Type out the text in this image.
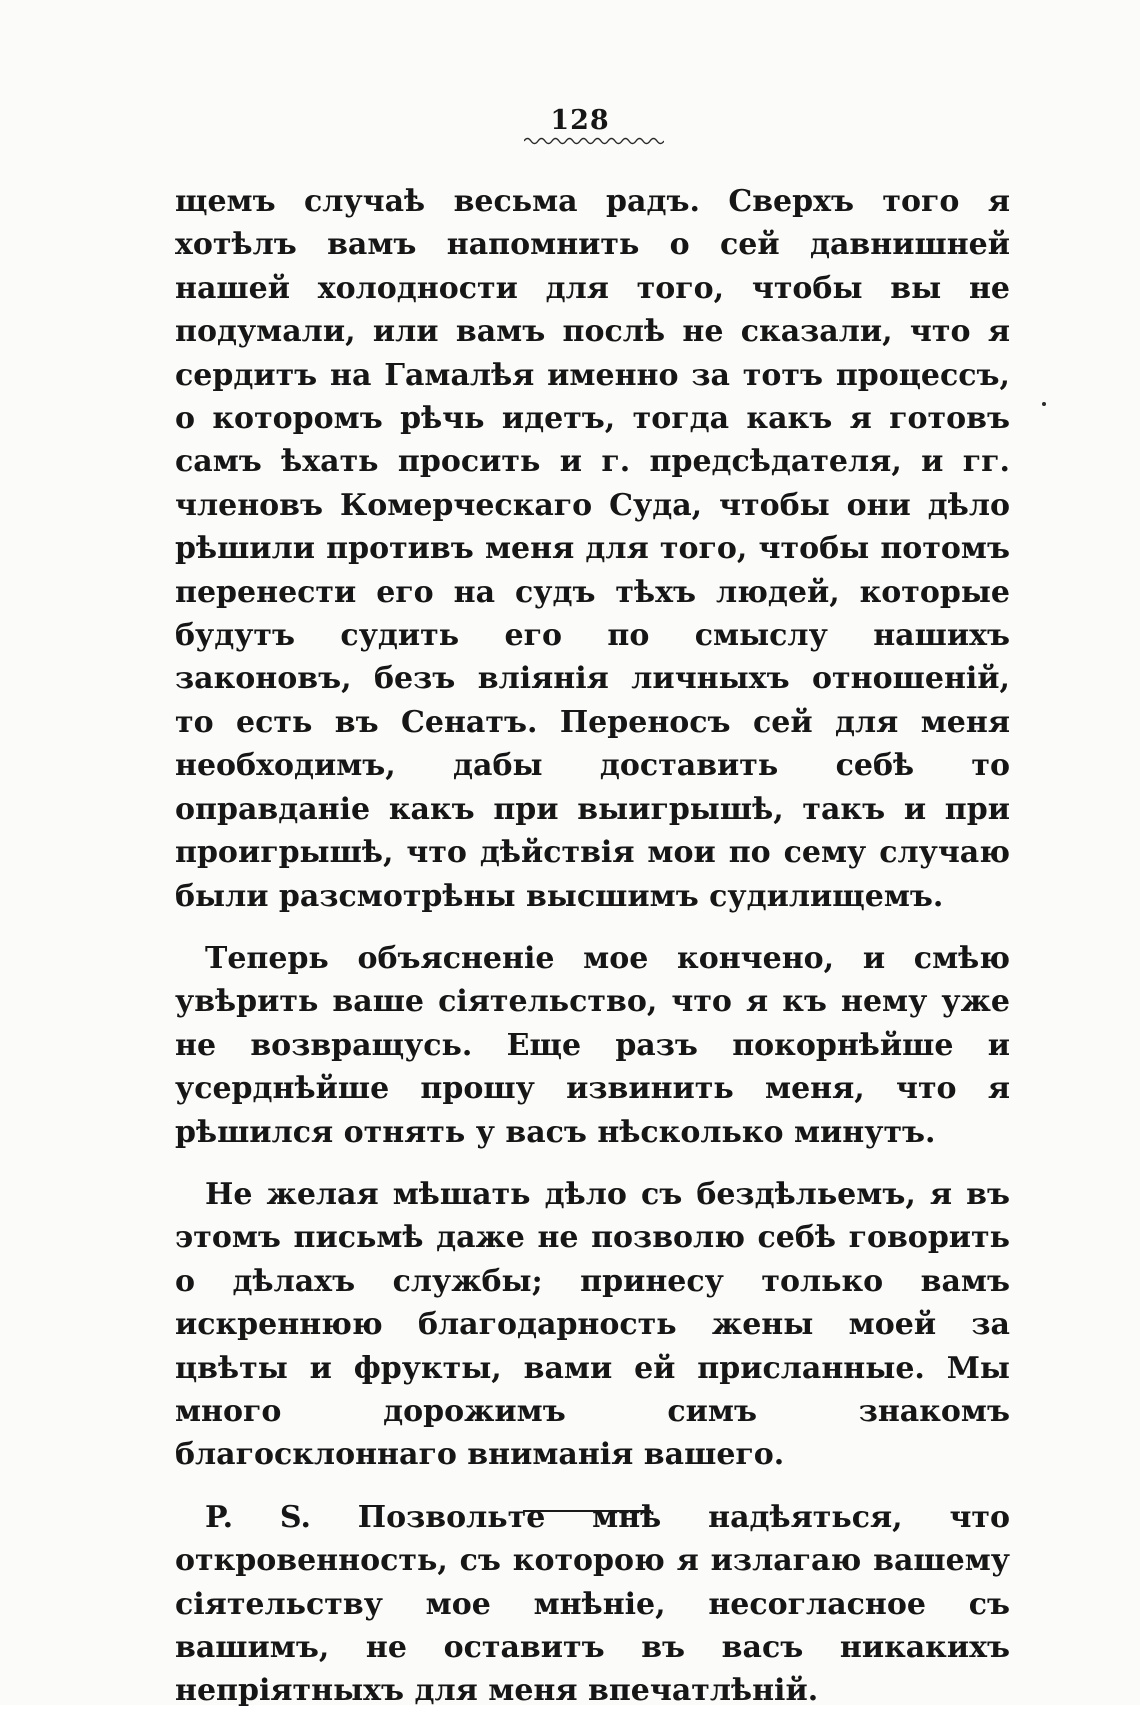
128

щемъ случаѣ весьма радъ. Сверхъ того я хотѣлъ вамъ напомнить о сей давнишней нашей холодности для того, чтобы вы не подумали, или вамъ послѣ не сказали, что я сердитъ на Гамалѣя именно за тотъ процессъ, о которомъ рѣчь идетъ, тогда какъ я готовъ самъ ѣхать просить и г. предсѣдателя, и гг. членовъ Комерческаго Суда, чтобы они дѣло рѣшили противъ меня для того, чтобы потомъ перенести его на судъ тѣхъ людей, которые будутъ судить его по смыслу нашихъ законовъ, безъ вліянія личныхъ отношеній, то есть въ Сенатъ. Переносъ сей для меня необходимъ, дабы доставить себѣ то оправданіе какъ при выигрышѣ, такъ и при проигрышѣ, что дѣйствія мои по сему случаю были разсмотрѣны высшимъ судилищемъ.

Теперь объясненіе мое кончено, и смѣю увѣрить ваше сіятельство, что я къ нему уже не возвращусь. Еще разъ покорнѣйше и усерднѣйше прошу извинить меня, что я рѣшился отнять у васъ нѣсколько минутъ.

Не желая мѣшать дѣло съ бездѣльемъ, я въ этомъ письмѣ даже не позволю себѣ говорить о дѣлахъ службы; принесу только вамъ искреннюю благодарность жены моей за цвѣты и фрукты, вами ей присланные. Мы много дорожимъ симъ знакомъ благосклоннаго вниманія вашего.

P. S. Позвольте мнѣ надѣяться, что откровенность, съ которою я излагаю вашему сіятельству мое мнѣніе, несогласное съ вашимъ, не оставитъ въ васъ никакихъ непріятныхъ для меня впечатлѣній.
